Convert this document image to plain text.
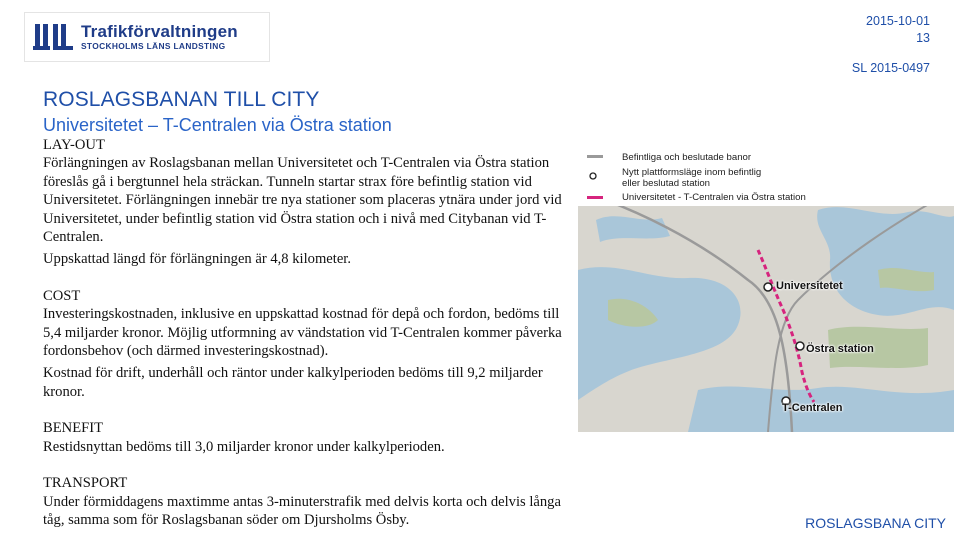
Trafikförvaltningen
STOCKHOLMS LÄNS LANDSTING
2015-10-01
13
SL 2015-0497
ROSLAGSBANAN TILL CITY
Universitetet – T-Centralen via Östra station

LAY-OUT

Förlängningen av Roslagsbanan mellan Universitetet och T-Centralen via Östra station föreslås gå i bergtunnel hela sträckan. Tunneln startar strax före befintlig station vid Universitetet. Förlängningen innebär tre nya stationer som placeras ytnära under jord vid Universitetet, under befintlig station vid Östra station och i nivå med Citybanan vid T-Centralen.

Uppskattad längd för förlängningen är 4,8 kilometer.

COST

Investeringskostnaden, inklusive en uppskattad kostnad för depå och fordon, bedöms till 5,4 miljarder kronor. Möjlig utformning av vändstation vid T-Centralen kommer påverka fordonsbehov (och därmed investeringskostnad).

Kostnad för drift, underhåll och räntor under kalkylperioden bedöms till 9,2 miljarder kronor.

BENEFIT

Restidsnyttan bedöms till 3,0 miljarder kronor under kalkylperioden.

TRANSPORT

Under förmiddagens maxtimme antas 3-minuterstrafik med delvis korta och delvis långa tåg, samma som för Roslagsbanan söder om Djursholms Ösby.

Universitetet
Östra station
T-Centralen
Befintliga och beslutade banor
Nytt plattformsläge inom befintlig
eller beslutad station
Universitetet - T-Centralen via Östra station
ROSLAGSBANA CITY
